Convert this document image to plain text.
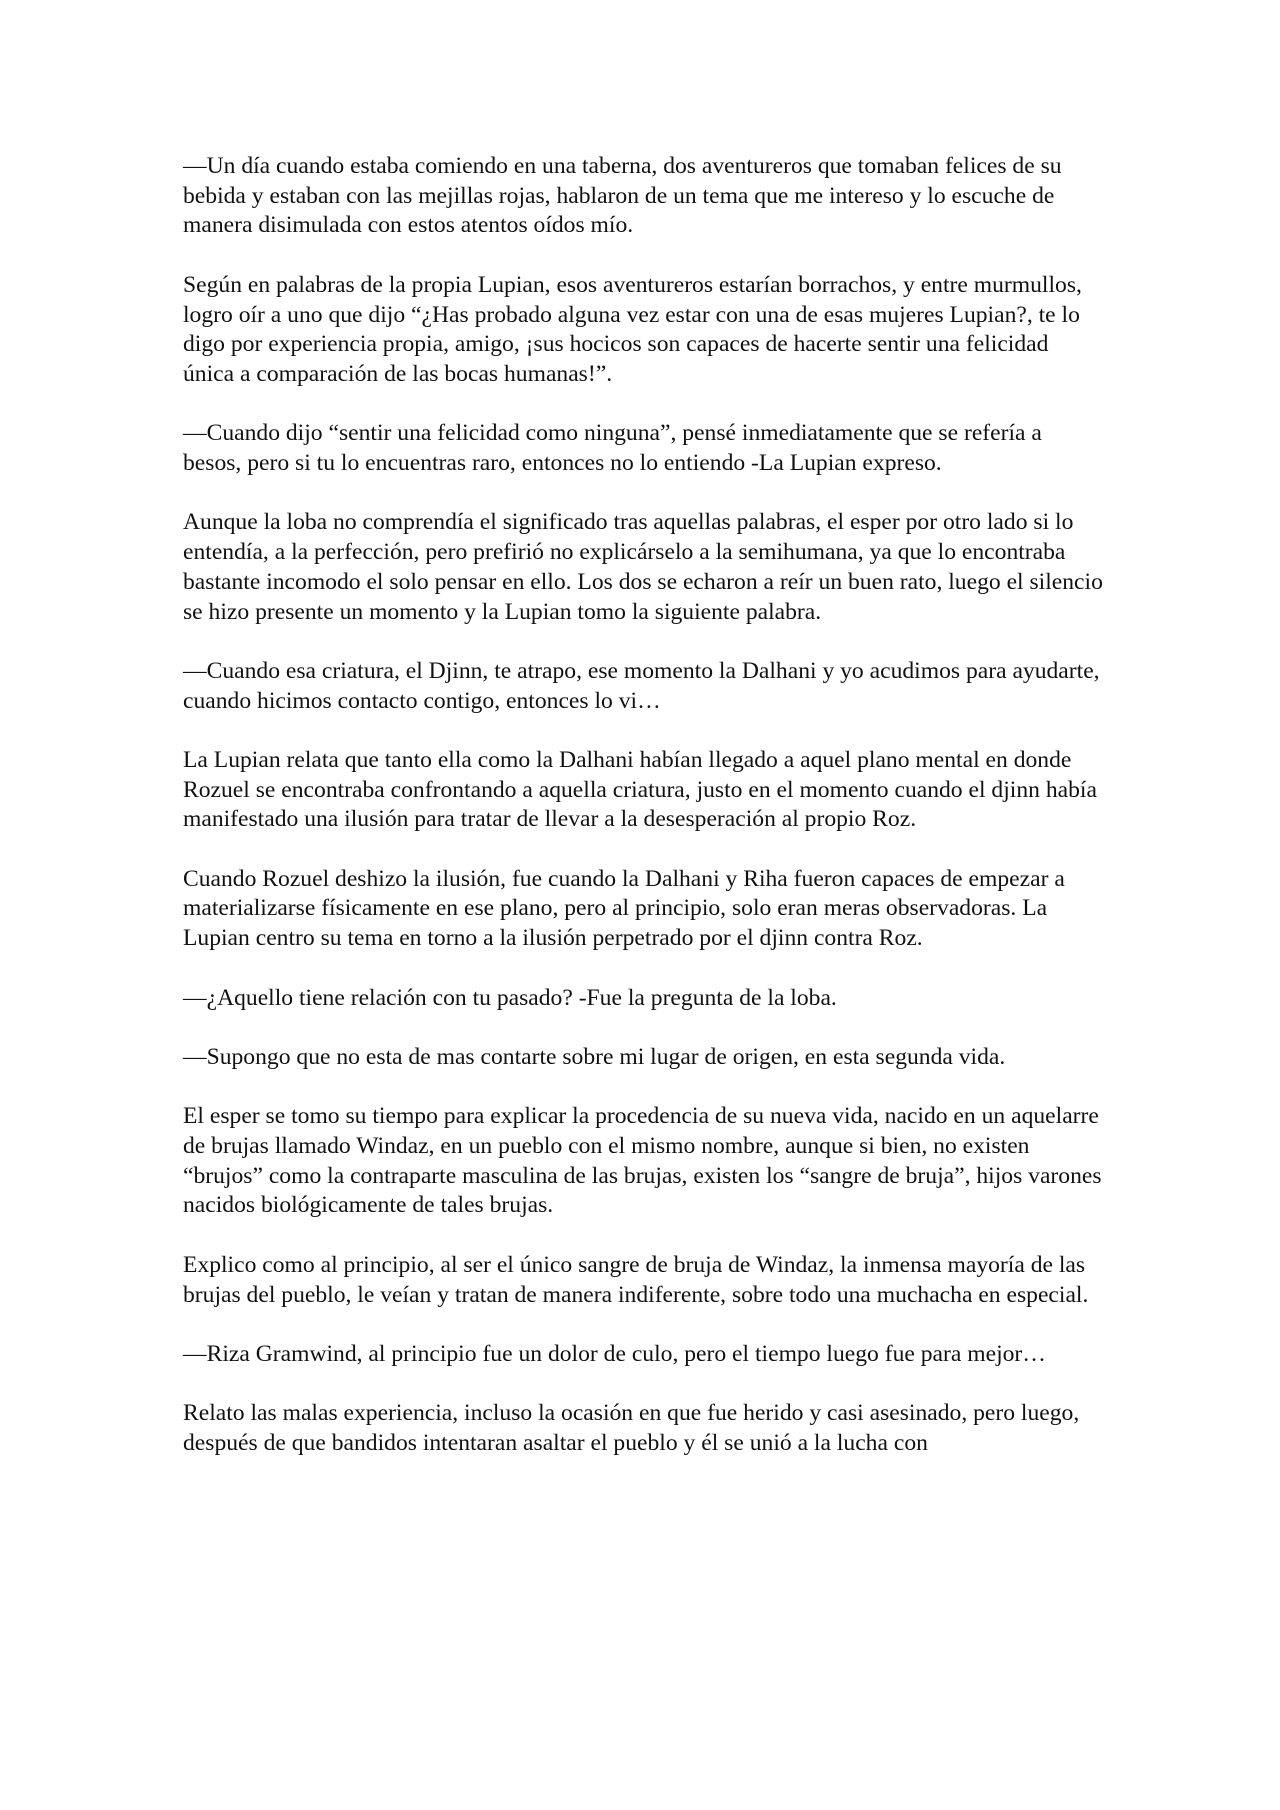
—Un día cuando estaba comiendo en una taberna, dos aventureros que tomaban felices de su bebida y estaban con las mejillas rojas, hablaron de un tema que me intereso y lo escuche de manera disimulada con estos atentos oídos mío.

Según en palabras de la propia Lupian, esos aventureros estarían borrachos, y entre murmullos, logro oír a uno que dijo “¿Has probado alguna vez estar con una de esas mujeres Lupian?, te lo digo por experiencia propia, amigo, ¡sus hocicos son capaces de hacerte sentir una felicidad única a comparación de las bocas humanas!”.

—Cuando dijo “sentir una felicidad como ninguna”, pensé inmediatamente que se refería a besos, pero si tu lo encuentras raro, entonces no lo entiendo -La Lupian expreso.

Aunque la loba no comprendía el significado tras aquellas palabras, el esper por otro lado si lo entendía, a la perfección, pero prefirió no explicárselo a la semihumana, ya que lo encontraba bastante incomodo el solo pensar en ello. Los dos se echaron a reír un buen rato, luego el silencio se hizo presente un momento y la Lupian tomo la siguiente palabra.

—Cuando esa criatura, el Djinn, te atrapo, ese momento la Dalhani y yo acudimos para ayudarte, cuando hicimos contacto contigo, entonces lo vi…

La Lupian relata que tanto ella como la Dalhani habían llegado a aquel plano mental en donde Rozuel se encontraba confrontando a aquella criatura, justo en el momento cuando el djinn había manifestado una ilusión para tratar de llevar a la desesperación al propio Roz.

Cuando Rozuel deshizo la ilusión, fue cuando la Dalhani y Riha fueron capaces de empezar a materializarse físicamente en ese plano, pero al principio, solo eran meras observadoras. La Lupian centro su tema en torno a la ilusión perpetrado por el djinn contra Roz.

—¿Aquello tiene relación con tu pasado? -Fue la pregunta de la loba.

—Supongo que no esta de mas contarte sobre mi lugar de origen, en esta segunda vida.

El esper se tomo su tiempo para explicar la procedencia de su nueva vida, nacido en un aquelarre de brujas llamado Windaz, en un pueblo con el mismo nombre, aunque si bien, no existen “brujos” como la contraparte masculina de las brujas, existen los “sangre de bruja”, hijos varones nacidos biológicamente de tales brujas.

Explico como al principio, al ser el único sangre de bruja de Windaz, la inmensa mayoría de las brujas del pueblo, le veían y tratan de manera indiferente, sobre todo una muchacha en especial.

—Riza Gramwind, al principio fue un dolor de culo, pero el tiempo luego fue para mejor…

Relato las malas experiencia, incluso la ocasión en que fue herido y casi asesinado, pero luego, después de que bandidos intentaran asaltar el pueblo y él se unió a la lucha con
